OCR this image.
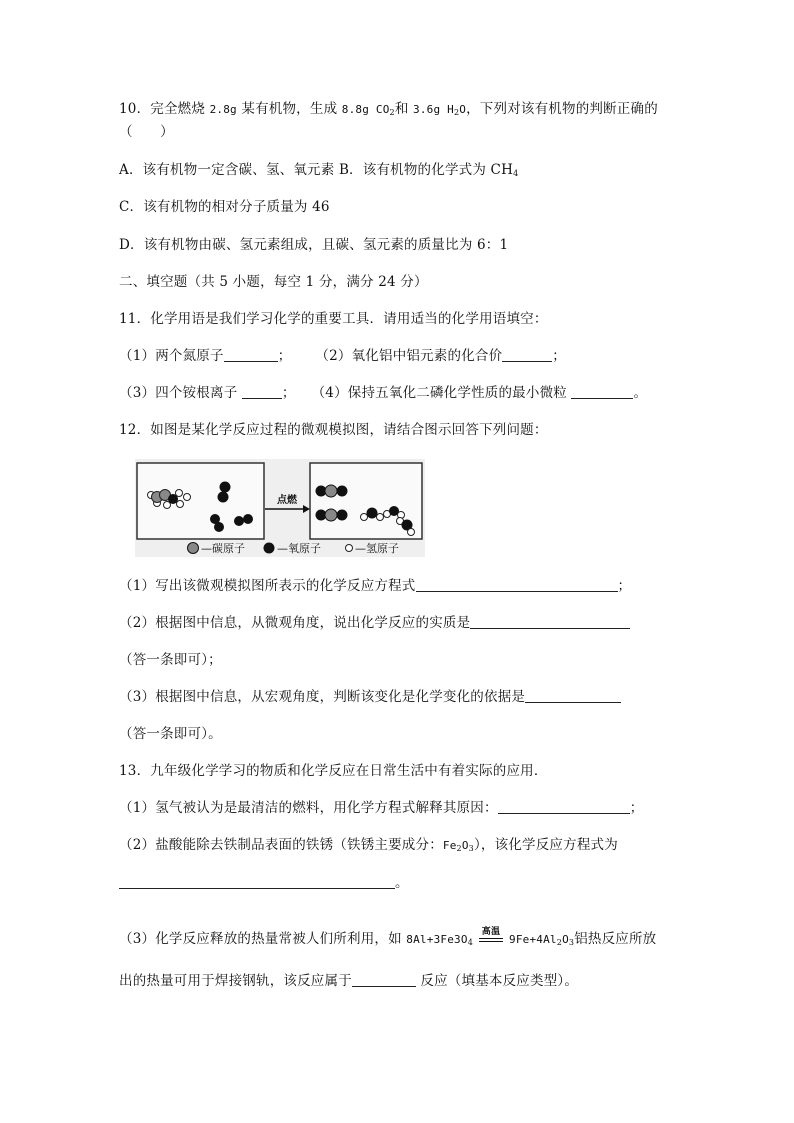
10．完全燃烧 2.8g 某有机物，生成 8.8g $CO_2$和 3.6g $H_2O$，下列对该有机物的判断正确的
（　　）
A．该有机物一定含碳、氢、氧元素 B．该有机物的化学式为 $CH_4$
C．该有机物的相对分子质量为 46
D．该有机物由碳、氢元素组成，且碳、氢元素的质量比为 6：1
二、填空题（共 5 小题，每空 1 分，满分 24 分）
11．化学用语是我们学习化学的重要工具．请用适当的化学用语填空：
（1）两个氮原子	； （2）氧化铝中铝元素的化合价	；
（3）四个铵根离子	； （4）保持五氧化二磷化学性质的最小微粒	。
12．如图是某化学反应过程的微观模拟图，请结合图示回答下列问题：
点燃
—碳原子	—氧原子	—氢原子
（1）写出该微观模拟图所表示的化学反应方程式	；
（2）根据图中信息，从微观角度，说出化学反应的实质是
（答一条即可）；
（3）根据图中信息，从宏观角度，判断该变化是化学变化的依据是
（答一条即可）。
13．九年级化学学习的物质和化学反应在日常生活中有着实际的应用．
（1）氢气被认为是最清洁的燃料，用化学方程式解释其原因：	；
（2）盐酸能除去铁制品表面的铁锈（铁锈主要成分：$Fe_2O_3$），该化学反应方程式为
。
（3）化学反应释放的热量常被人们所利用，如 $8Al+3Fe3O_4$
高温
$9Fe+4Al_2O_3$铝热反应所放
出的热量可用于焊接钢轨，该反应属于	反应（填基本反应类型）。
